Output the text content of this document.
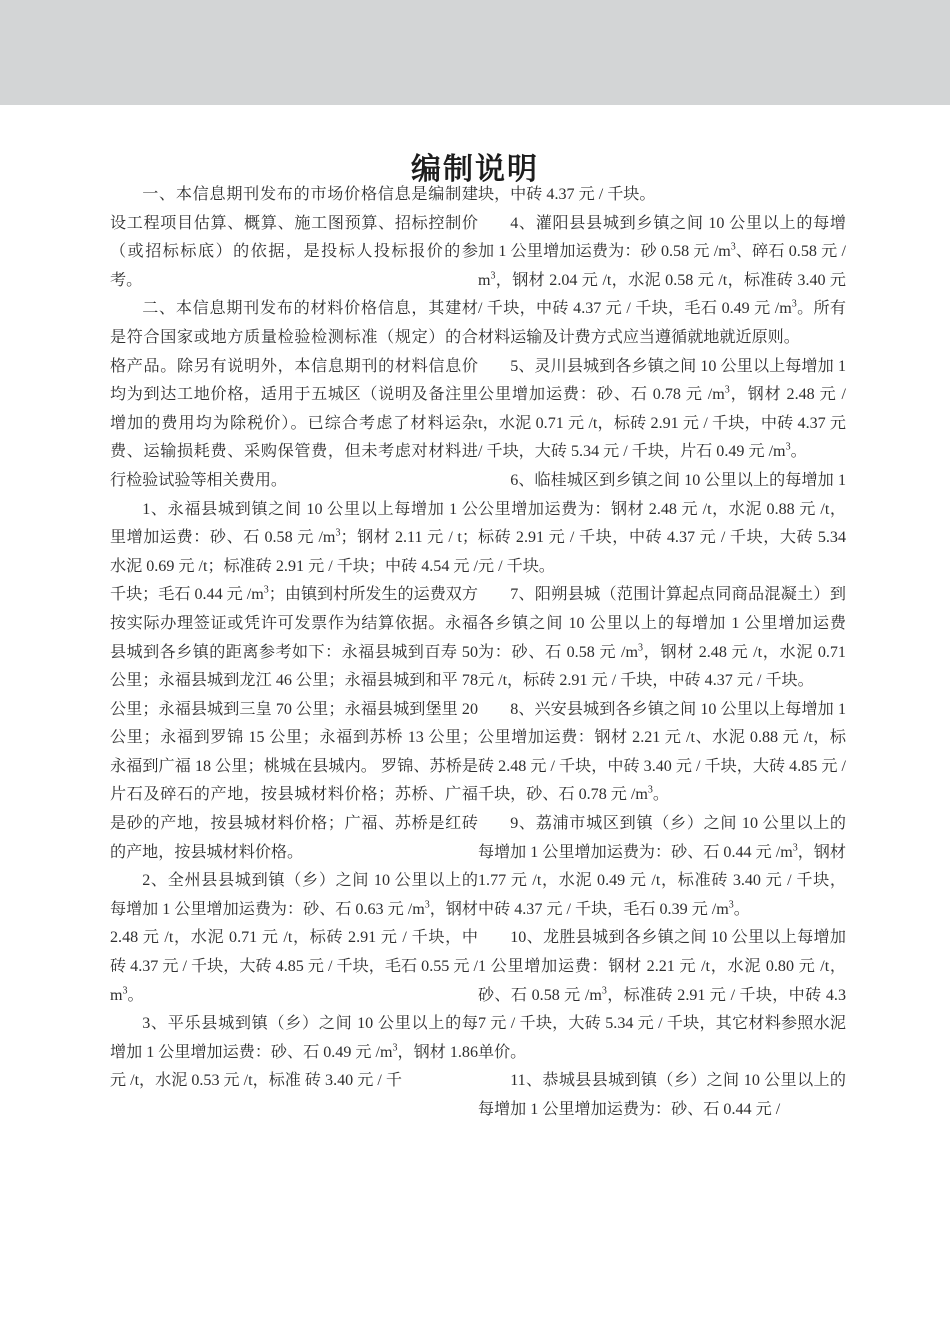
编制说明

一、本信息期刊发布的市场价格信息是编制建设工程项目估算、概算、施工图预算、招标控制价（或招标标底）的依据，是投标人投标报价的参考。

二、本信息期刊发布的材料价格信息，其建材是符合国家或地方质量检验检测标准（规定）的合格产品。除另有说明外，本信息期刊的材料信息价均为到达工地价格，适用于五城区（说明及备注里增加的费用均为除税价）。已综合考虑了材料运杂费、运输损耗费、采购保管费，但未考虑对材料进行检验试验等相关费用。

1、永福县城到镇之间 10 公里以上每增加 1 公里增加运费：砂、石 0.58 元 $/m^3$；钢材 2.11 元 / t；水泥 0.69 元 /t；标准砖 2.91 元 / 千块；中砖 4.54 元 / 千块；毛石 0.44 元 $/m^3$；由镇到村所发生的运费双方按实际办理签证或凭许可发票作为结算依据。永福县城到各乡镇的距离参考如下：永福县城到百寿 50 公里；永福县城到龙江 46 公里；永福县城到和平 78 公里；永福县城到三皇 70 公里；永福县城到堡里 20 公里；永福到罗锦 15 公里；永福到苏桥 13 公里；永福到广福 18 公里；桃城在县城内。 罗锦、苏桥是片石及碎石的产地，按县城材料价格；苏桥、广福是砂的产地，按县城材料价格；广福、苏桥是红砖的产地，按县城材料价格。

2、全州县县城到镇（乡）之间 10 公里以上的每增加 1 公里增加运费为：砂、石 0.63 元 $/m^3$，钢材 2.48 元 /t，水泥 0.71 元 /t，标砖 2.91 元 / 千块，中砖 4.37 元 / 千块，大砖 4.85 元 / 千块，毛石 0.55 元 $/m^3$。

3、平乐县城到镇（乡）之间 10 公里以上的每增加 1 公里增加运费：砂、石 0.49 元 $/m^3$，钢材 1.86 元 /t，水泥 0.53 元 /t，标准 砖 3.40 元 / 千

块，中砖 4.37 元 / 千块。

4、灌阳县县城到乡镇之间 10 公里以上的每增加 1 公里增加运费为：砂 0.58 元 $/m^3$、碎石 0.58 元 $/m^3$，钢材 2.04 元 /t，水泥 0.58 元 /t，标准砖 3.40 元 / 千块，中砖 4.37 元 / 千块，毛石 0.49 元 $/m^3$。所有材料运输及计费方式应当遵循就地就近原则。

5、灵川县城到各乡镇之间 10 公里以上每增加 1 公里增加运费：砂、石 0.78 元 $/m^3$，钢材 2.48 元 /t，水泥 0.71 元 /t，标砖 2.91 元 / 千块，中砖 4.37 元 / 千块，大砖 5.34 元 / 千块，片石 0.49 元 $/m^3$。

6、临桂城区到乡镇之间 10 公里以上的每增加 1 公里增加运费为：钢材 2.48 元 /t，水泥 0.88 元 /t，标砖 2.91 元 / 千块，中砖 4.37 元 / 千块，大砖 5.34 元 / 千块。

7、阳朔县城（范围计算起点同商品混凝土）到各乡镇之间 10 公里以上的每增加 1 公里增加运费为：砂、石 0.58 元 $/m^3$，钢材 2.48 元 /t，水泥 0.71 元 /t，标砖 2.91 元 / 千块，中砖 4.37 元 / 千块。

8、兴安县城到各乡镇之间 10 公里以上每增加 1 公里增加运费：钢材 2.21 元 /t、水泥 0.88 元 /t，标砖 2.48 元 / 千块，中砖 3.40 元 / 千块，大砖 4.85 元 / 千块，砂、石 0.78 元 $/m^3$。

9、荔浦市城区到镇（乡）之间 10 公里以上的每增加 1 公里增加运费为：砂、石 0.44 元 $/m^3$，钢材 1.77 元 /t，水泥 0.49 元 /t，标准砖 3.40 元 / 千块，中砖 4.37 元 / 千块，毛石 0.39 元 $/m^3$。

10、龙胜县城到各乡镇之间 10 公里以上每增加 1 公里增加运费：钢材 2.21 元 /t，水泥 0.80 元 /t，砂、石 0.58 元 $/m^3$，标准砖 2.91 元 / 千块，中砖 4.37 元 / 千块，大砖 5.34 元 / 千块，其它材料参照水泥单价。

11、恭城县县城到镇（乡）之间 10 公里以上的每增加 1 公里增加运费为：砂、石 0.44 元 /
